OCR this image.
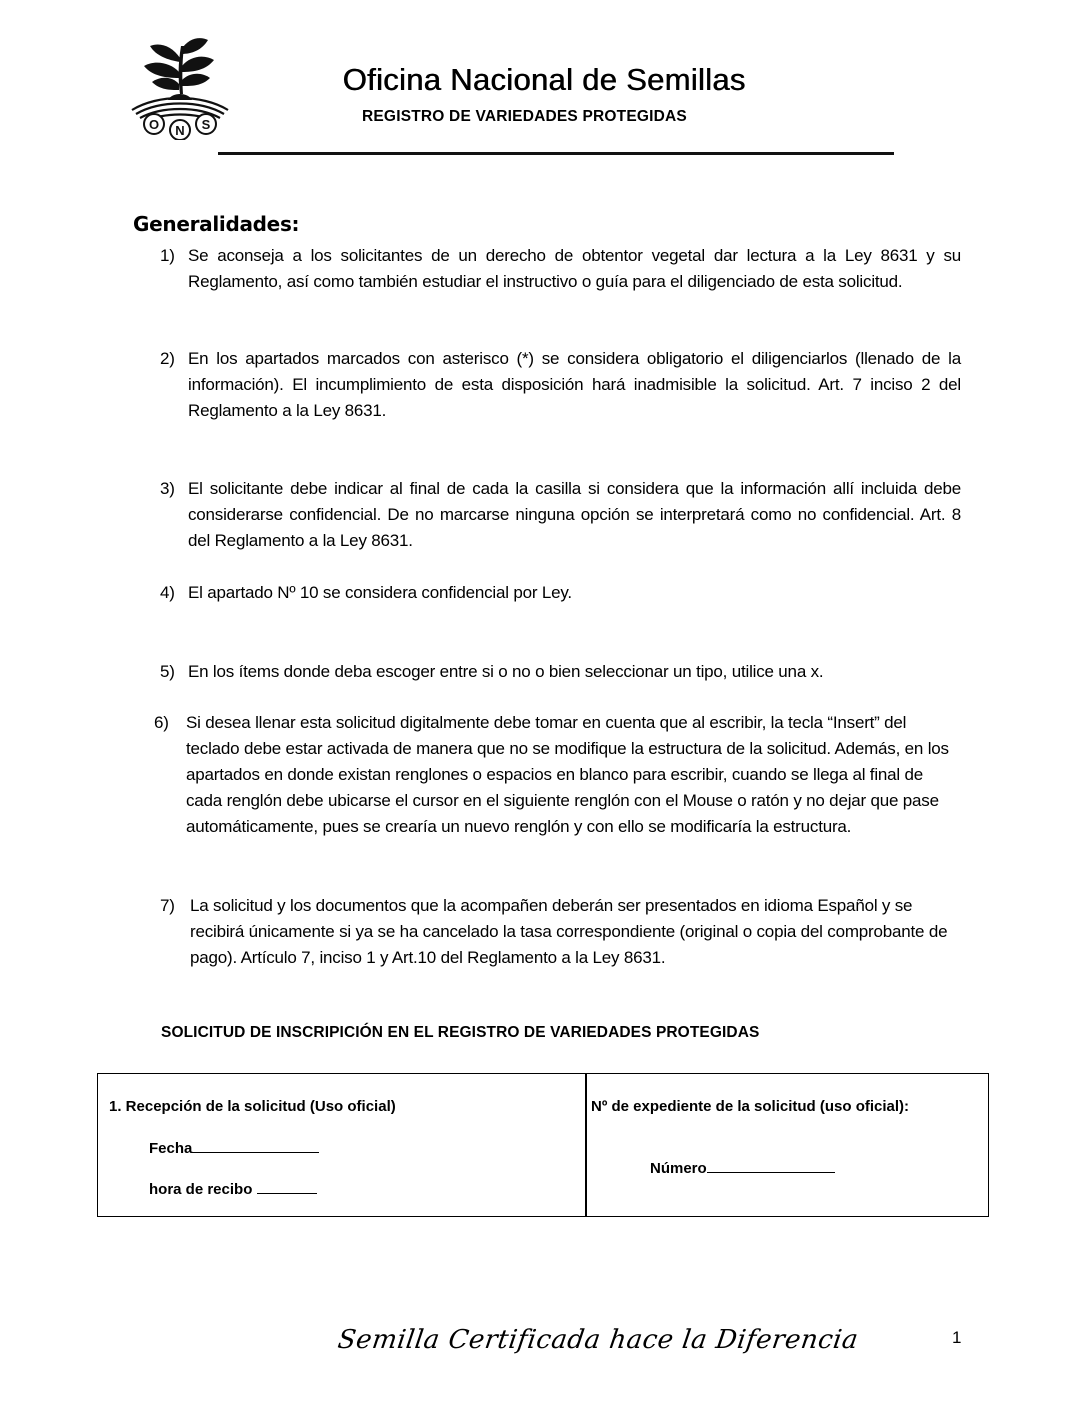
O N S
Oficina Nacional de Semillas
REGISTRO DE VARIEDADES PROTEGIDAS
Generalidades:
1) Se aconseja a los solicitantes de un derecho de obtentor vegetal dar lectura a la Ley 8631 y su Reglamento, así como también estudiar el instructivo o guía para el diligenciado de esta solicitud.
2) En los apartados marcados con asterisco (*) se considera obligatorio el diligenciarlos (llenado de la información). El incumplimiento de esta disposición hará inadmisible la solicitud. Art. 7 inciso 2 del Reglamento a la Ley 8631.
3) El solicitante debe indicar al final de cada la casilla si considera que la información allí incluida debe considerarse confidencial. De no marcarse ninguna opción se interpretará como no confidencial. Art. 8 del Reglamento a la Ley 8631.
4) El apartado Nº 10 se considera confidencial por Ley.
5) En los ítems donde deba escoger entre si o no o bien seleccionar un tipo, utilice una x.
6) Si desea llenar esta solicitud digitalmente debe tomar en cuenta que al escribir, la tecla “Insert” del teclado debe estar activada de manera que no se modifique la estructura de la solicitud. Además, en los apartados en donde existan renglones o espacios en blanco para escribir, cuando se llega al final de cada renglón debe ubicarse el cursor en el siguiente renglón con el Mouse o ratón y no dejar que pase automáticamente, pues se crearía un nuevo renglón y con ello se modificaría la estructura.
7) La solicitud y los documentos que la acompañen deberán ser presentados en idioma Español y se recibirá únicamente si ya se ha cancelado la tasa correspondiente (original o copia del comprobante de pago). Artículo 7, inciso 1 y Art.10 del Reglamento a la Ley 8631.
SOLICITUD DE INSCRIPICIÓN EN EL REGISTRO DE VARIEDADES PROTEGIDAS
1. Recepción de la solicitud (Uso oficial)
Fecha
hora de recibo
Nº de expediente de la solicitud (uso oficial):
Número
Semilla Certificada hace la Diferencia	1
